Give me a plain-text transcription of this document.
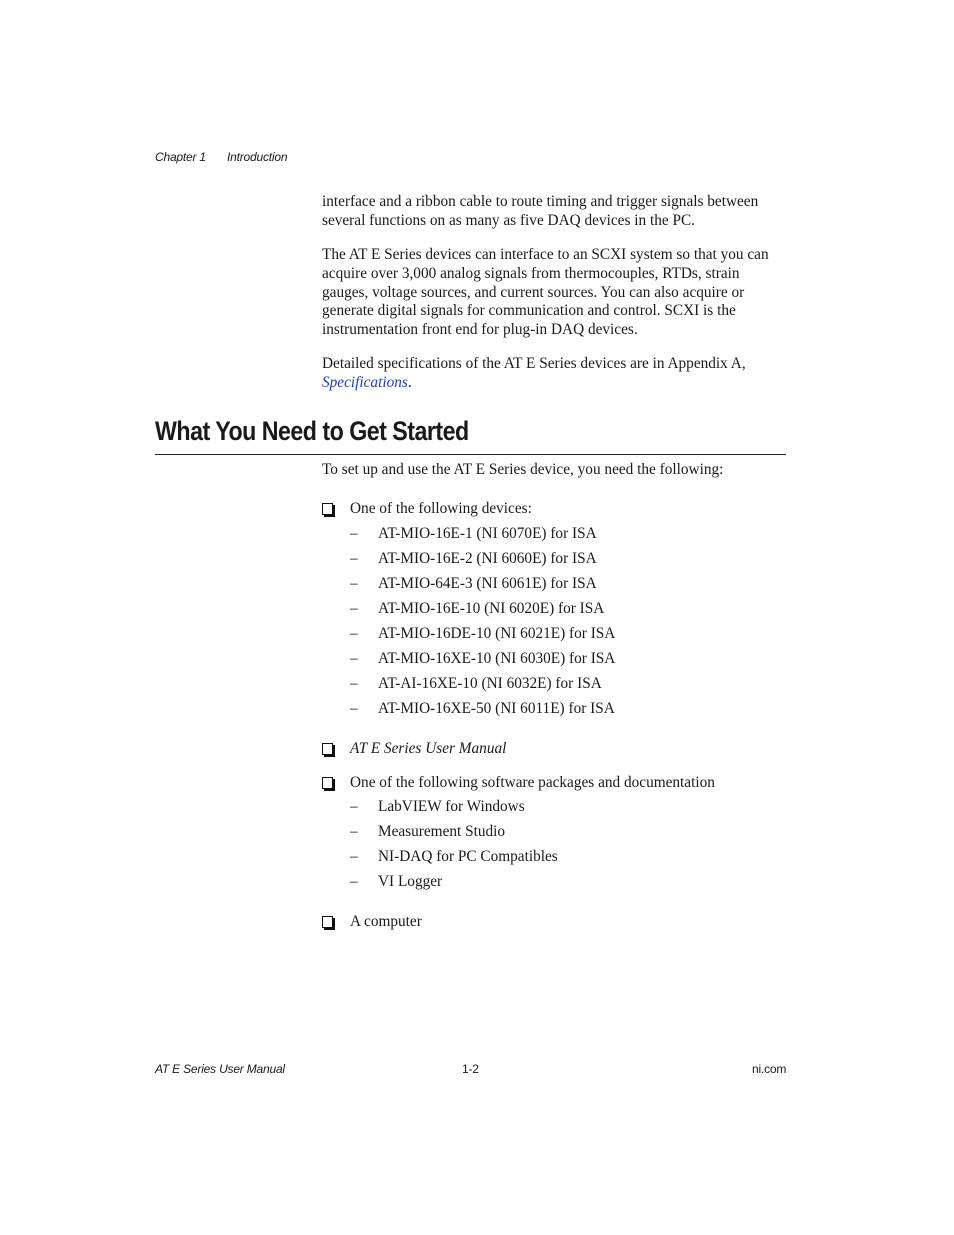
Chapter 1 Introduction

interface and a ribbon cable to route timing and trigger signals between several functions on as many as five DAQ devices in the PC.

The AT E Series devices can interface to an SCXI system so that you can acquire over 3,000 analog signals from thermocouples, RTDs, strain gauges, voltage sources, and current sources. You can also acquire or generate digital signals for communication and control. SCXI is the instrumentation front end for plug-in DAQ devices.

Detailed specifications of the AT E Series devices are in Appendix A,
Specifications.

What You Need to Get Started

To set up and use the AT E Series device, you need the following:

One of the following devices:
– AT-MIO-16E-1 (NI 6070E) for ISA
– AT-MIO-16E-2 (NI 6060E) for ISA
– AT-MIO-64E-3 (NI 6061E) for ISA
– AT-MIO-16E-10 (NI 6020E) for ISA
– AT-MIO-16DE-10 (NI 6021E) for ISA
– AT-MIO-16XE-10 (NI 6030E) for ISA
– AT-AI-16XE-10 (NI 6032E) for ISA
– AT-MIO-16XE-50 (NI 6011E) for ISA
AT E Series User Manual
One of the following software packages and documentation
– LabVIEW for Windows
– Measurement Studio
– NI-DAQ for PC Compatibles
– VI Logger
A computer
AT E Series User Manual	1-2	ni.com
